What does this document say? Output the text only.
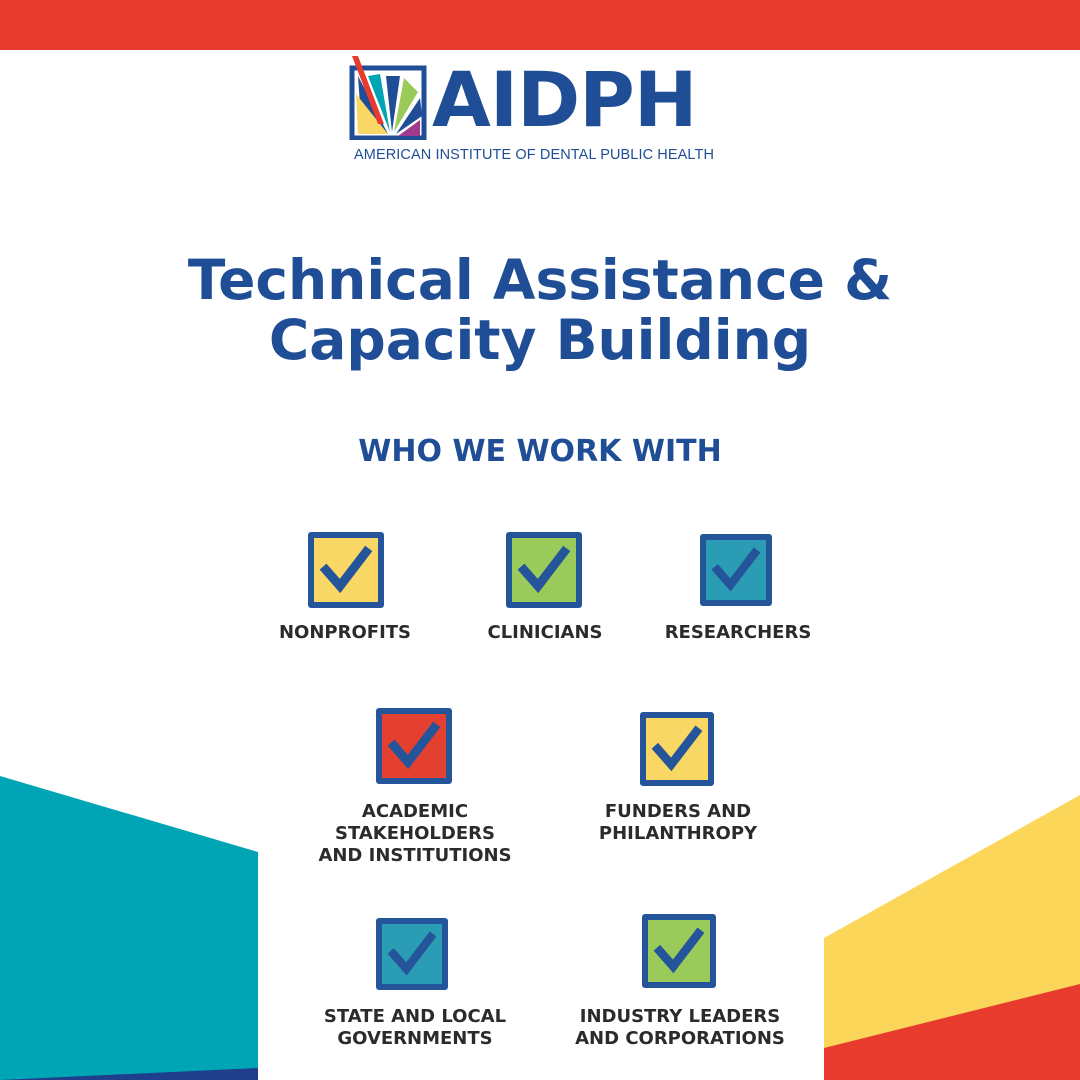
AIDPH
AMERICAN INSTITUTE OF DENTAL PUBLIC HEALTH
Technical Assistance &
Capacity Building
WHO WE WORK WITH
NONPROFITS	CLINICIANS	RESEARCHERS
ACADEMIC
STAKEHOLDERS
AND INSTITUTIONS
FUNDERS AND
PHILANTHROPY
STATE AND LOCAL
GOVERNMENTS
INDUSTRY LEADERS
AND CORPORATIONS
